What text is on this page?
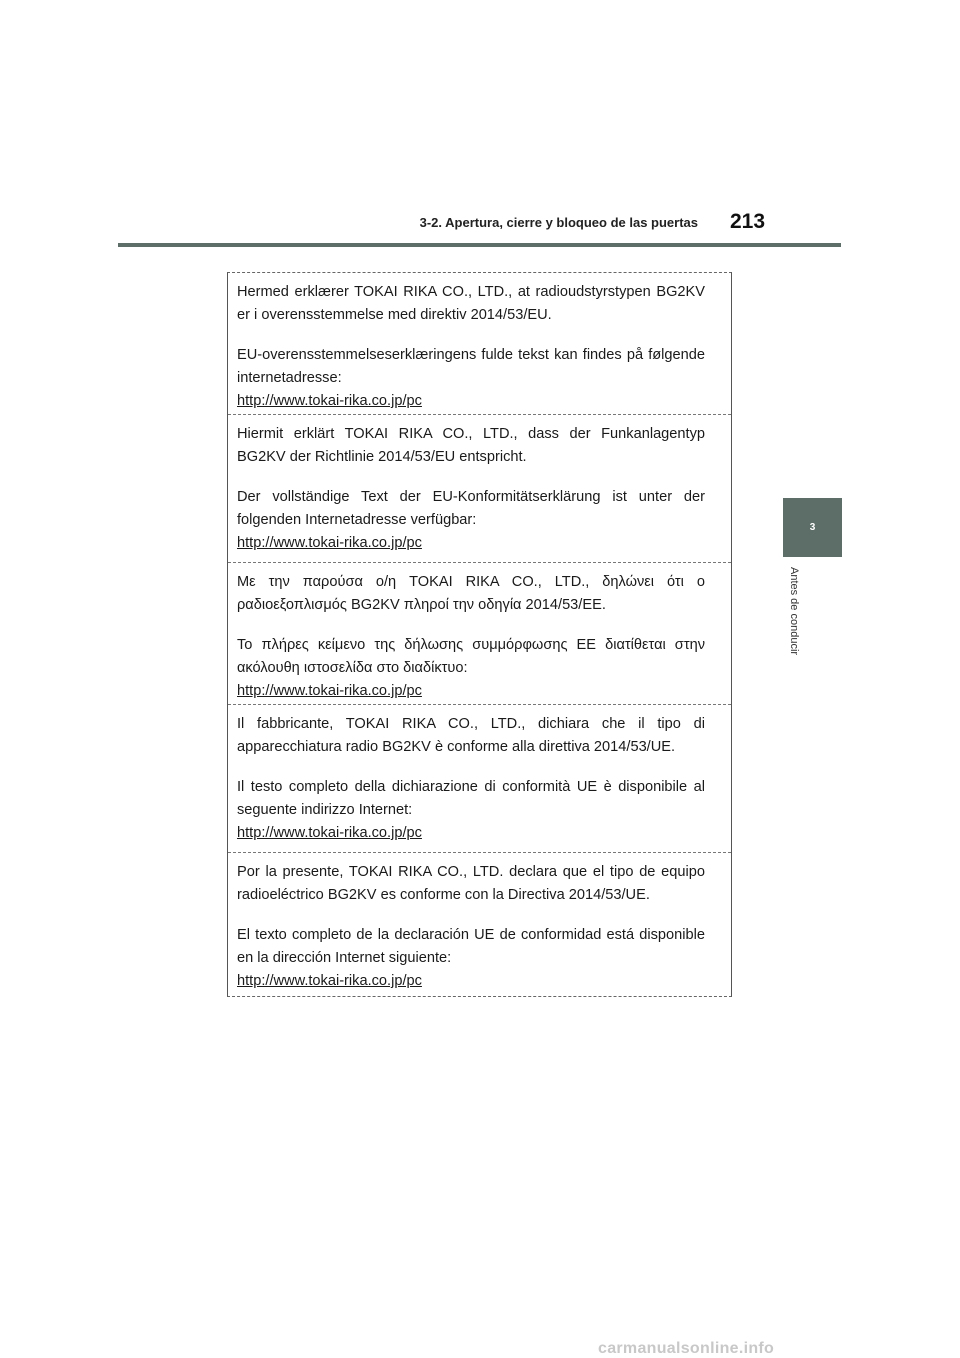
3-2. Apertura, cierre y bloqueo de las puertas 213
3
Antes de conducir

Hermed erklærer TOKAI RIKA CO., LTD., at radioudstyrstypen BG2KV er i overensstemmelse med direktiv 2014/53/EU.

EU-overensstemmelseserklæringens fulde tekst kan findes på følgende internetadresse:

http://www.tokai-rika.co.jp/pc

Hiermit erklärt TOKAI RIKA CO., LTD., dass der Funkanlagentyp BG2KV der Richtlinie 2014/53/EU entspricht.

Der vollständige Text der EU-Konformitätserklärung ist unter der folgenden Internetadresse verfügbar:

http://www.tokai-rika.co.jp/pc

Με την παρούσα ο/η TOKAI RIKA CO., LTD., δηλώνει ότι ο ραδιοεξοπλισμός BG2KV πληροί την οδηγία 2014/53/ΕΕ.

Το πλήρες κείμενο της δήλωσης συμμόρφωσης ΕΕ διατίθεται στην ακόλουθη ιστοσελίδα στο διαδίκτυο:

http://www.tokai-rika.co.jp/pc

Il fabbricante, TOKAI RIKA CO., LTD., dichiara che il tipo di apparecchiatura radio BG2KV è conforme alla direttiva 2014/53/UE.

Il testo completo della dichiarazione di conformità UE è disponibile al seguente indirizzo Internet:

http://www.tokai-rika.co.jp/pc

Por la presente, TOKAI RIKA CO., LTD. declara que el tipo de equipo radioeléctrico BG2KV es conforme con la Directiva 2014/53/UE.

El texto completo de la declaración UE de conformidad está disponible en la dirección Internet siguiente:

http://www.tokai-rika.co.jp/pc
carmanualsonline.info
